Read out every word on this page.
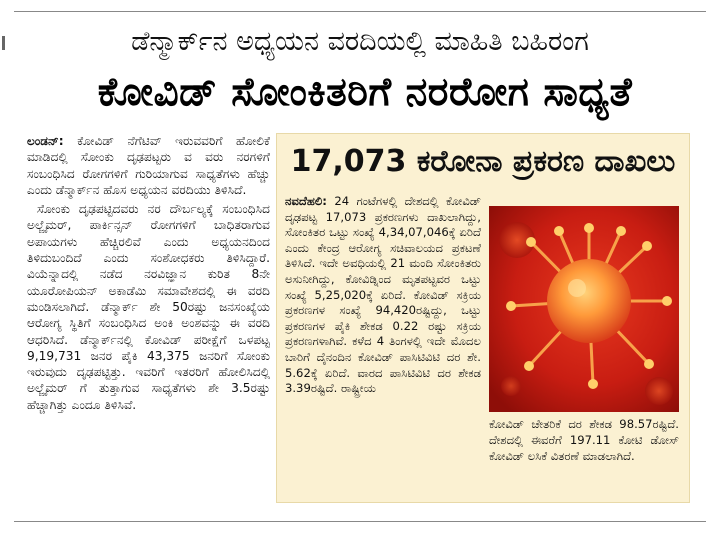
ಡೆನ್ಮಾರ್ಕ್‌ನ ಅಧ್ಯಯನ ವರದಿಯಲ್ಲಿ ಮಾಹಿತಿ ಬಹಿರಂಗ
ಕೋವಿಡ್ ಸೋಂಕಿತರಿಗೆ ನರರೋಗ ಸಾಧ್ಯತೆ

ಲಂಡನ್: ಕೋವಿಡ್ ನೆಗೆಟಿವ್ ಇರುವವರಿಗೆ ಹೋಲಿಕೆ ಮಾಡಿದಲ್ಲಿ ಸೋಂಕು ದೃಢಪಟ್ಟರು ವ ವರು ನರಗಳಿಗೆ ಸಂಬಂಧಿಸಿದ ರೋಗಗಳಿಗೆ ಗುರಿಯಾಗುವ ಸಾಧ್ಯತೆಗಳು ಹೆಚ್ಚು ಎಂದು ಡೆನ್ಮಾರ್ಕ್‌ನ ಹೊಸ ಅಧ್ಯಯನ ವರದಿಯು ತಿಳಿಸಿದೆ.

ಸೋಂಕು ದೃಢಪಟ್ಟಿದವರು ನರ ದೌರ್ಬಲ್ಯಕ್ಕೆ ಸಂಬಂಧಿಸಿದ ಅಲ್ಜೈಮರ್, ಪಾರ್ಕಿನ್ಸನ್ ರೋಗಗಳಿಗೆ ಬಾಧಿತರಾಗುವ ಅಪಾಯಗಳು ಹೆಚ್ಚಿರಲಿವೆ ಎಂದು ಅಧ್ಯಯನದಿಂದ ತಿಳಿದುಬಂದಿದೆ ಎಂದು ಸಂಶೋಧಕರು ತಿಳಿಸಿದ್ದಾರೆ. ವಿಯೆನ್ನಾದಲ್ಲಿ ನಡೆದ ನರವಿಜ್ಞಾನ ಕುರಿತ 8ನೇ ಯೂರೋಪಿಯನ್ ಅಕಾಡೆಮಿ ಸಮಾವೇಶದಲ್ಲಿ ಈ ವರದಿ ಮಂಡಿಸಲಾಗಿದೆ. ಡೆನ್ಮಾರ್ಕ್ ಶೇ 50ರಷ್ಟು ಜನಸಂಖ್ಯೆಯ ಆರೋಗ್ಯ ಸ್ಥಿತಿಗೆ ಸಂಬಂಧಿಸಿದ ಅಂಕಿ ಅಂಶವನ್ನು ಈ ವರದಿ ಆಧರಿಸಿದೆ. ಡೆನ್ಮಾರ್ಕ್‌ನಲ್ಲಿ ಕೋವಿಡ್ ಪರೀಕ್ಷೆಗೆ ಒಳಪಟ್ಟ 9,19,731 ಜನರ ಪೈಕಿ 43,375 ಜನರಿಗೆ ಸೋಂಕು ಇರುವುದು ದೃಢಪಟ್ಟಿತ್ತು. ಇವರಿಗೆ ಇತರರಿಗೆ ಹೋಲಿಸಿದಲ್ಲಿ ಅಲ್ಜೈಮರ್ ಗೆ ತುತ್ತಾಗುವ ಸಾಧ್ಯತೆಗಳು ಶೇ 3.5ರಷ್ಟು ಹೆಚ್ಚಾಗಿತ್ತು ಎಂದೂ ತಿಳಿಸಿವೆ.

17,073 ಕರೋನಾ ಪ್ರಕರಣ ದಾಖಲು
ನವದೆಹಲಿ: 24 ಗಂಟೆಗಳಲ್ಲಿ ದೇಶದಲ್ಲಿ ಕೋವಿಡ್ ದೃಢಪಟ್ಟ 17,073 ಪ್ರಕರಣಗಳು ದಾಖಲಾಗಿದ್ದು, ಸೋಂಕಿತರ ಒಟ್ಟು ಸಂಖ್ಯೆ 4,34,07,046ಕ್ಕೆ ಏರಿದೆ ಎಂದು ಕೇಂದ್ರ ಆರೋಗ್ಯ ಸಚಿವಾಲಯದ ಪ್ರಕಟಣೆ ತಿಳಿಸಿದೆ. ಇದೇ ಅವಧಿಯಲ್ಲಿ 21 ಮಂದಿ ಸೋಂಕಿತರು ಅಸುನೀಗಿದ್ದು, ಕೋವಿಡ್ನಿಂದ ಮೃತಪಟ್ಟವರ ಒಟ್ಟು ಸಂಖ್ಯೆ 5,25,020ಕ್ಕೆ ಏರಿದೆ. ಕೋವಿಡ್ ಸಕ್ರಿಯ ಪ್ರಕರಣಗಳ ಸಂಖ್ಯೆ 94,420ರಷ್ಟಿದ್ದು, ಒಟ್ಟು ಪ್ರಕರಣಗಳ ಪೈಕಿ ಶೇಕಡ 0.22 ರಷ್ಟು ಸಕ್ರಿಯ ಪ್ರಕರಣಗಳಾಗಿವೆ. ಕಳೆದ 4 ತಿಂಗಳಲ್ಲಿ ಇದೇ ಮೊದಲ ಬಾರಿಗೆ ದೈನಂದಿನ ಕೋವಿಡ್ ಪಾಸಿಟಿವಿಟಿ ದರ ಶೇ. 5.62ಕ್ಕೆ ಏರಿದೆ. ವಾರದ ಪಾಸಿಟಿವಿಟಿ ದರ ಶೇಕಡ 3.39ರಷ್ಟಿದೆ. ರಾಷ್ಟ್ರೀಯ
ಕೋವಿಡ್ ಚೇತರಿಕೆ ದರ ಶೇಕಡ 98.57ರಷ್ಟಿದೆ. ದೇಶದಲ್ಲಿ ಈವರೆಗೆ 197.11 ಕೋಟಿ ಡೋಸ್ ಕೋವಿಡ್ ಲಸಿಕೆ ವಿತರಣೆ ಮಾಡಲಾಗಿದೆ.
